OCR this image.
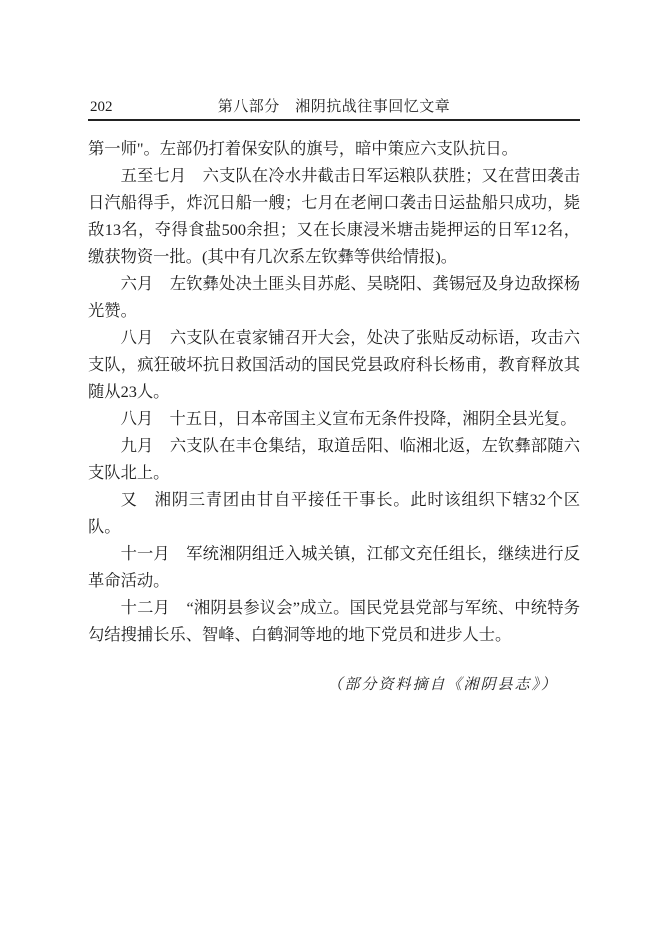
202	第八部分　湘阴抗战往事回忆文章

第一师"。左部仍打着保安队的旗号，暗中策应六支队抗日。

五至七月　六支队在冷水井截击日军运粮队获胜；又在营田袭击日汽船得手，炸沉日船一艘；七月在老闸口袭击日运盐船只成功，毙敌13名，夺得食盐500余担；又在长康浸米塘击毙押运的日军12名，缴获物资一批。(其中有几次系左钦彝等供给情报)。

六月　左钦彝处决土匪头目苏彪、吴晓阳、龚锡冠及身边敌探杨光赞。

八月　六支队在袁家铺召开大会，处决了张贴反动标语，攻击六支队，疯狂破坏抗日救国活动的国民党县政府科长杨甫，教育释放其随从23人。

八月　十五日，日本帝国主义宣布无条件投降，湘阴全县光复。

九月　六支队在丰仓集结，取道岳阳、临湘北返，左钦彝部随六支队北上。

又　湘阴三青团由甘自平接任干事长。此时该组织下辖32个区队。

十一月　军统湘阴组迁入城关镇，江郁文充任组长，继续进行反革命活动。

十二月　“湘阴县参议会”成立。国民党县党部与军统、中统特务勾结搜捕长乐、智峰、白鹤洞等地的地下党员和进步人士。

（部分资料摘自《湘阴县志》）
